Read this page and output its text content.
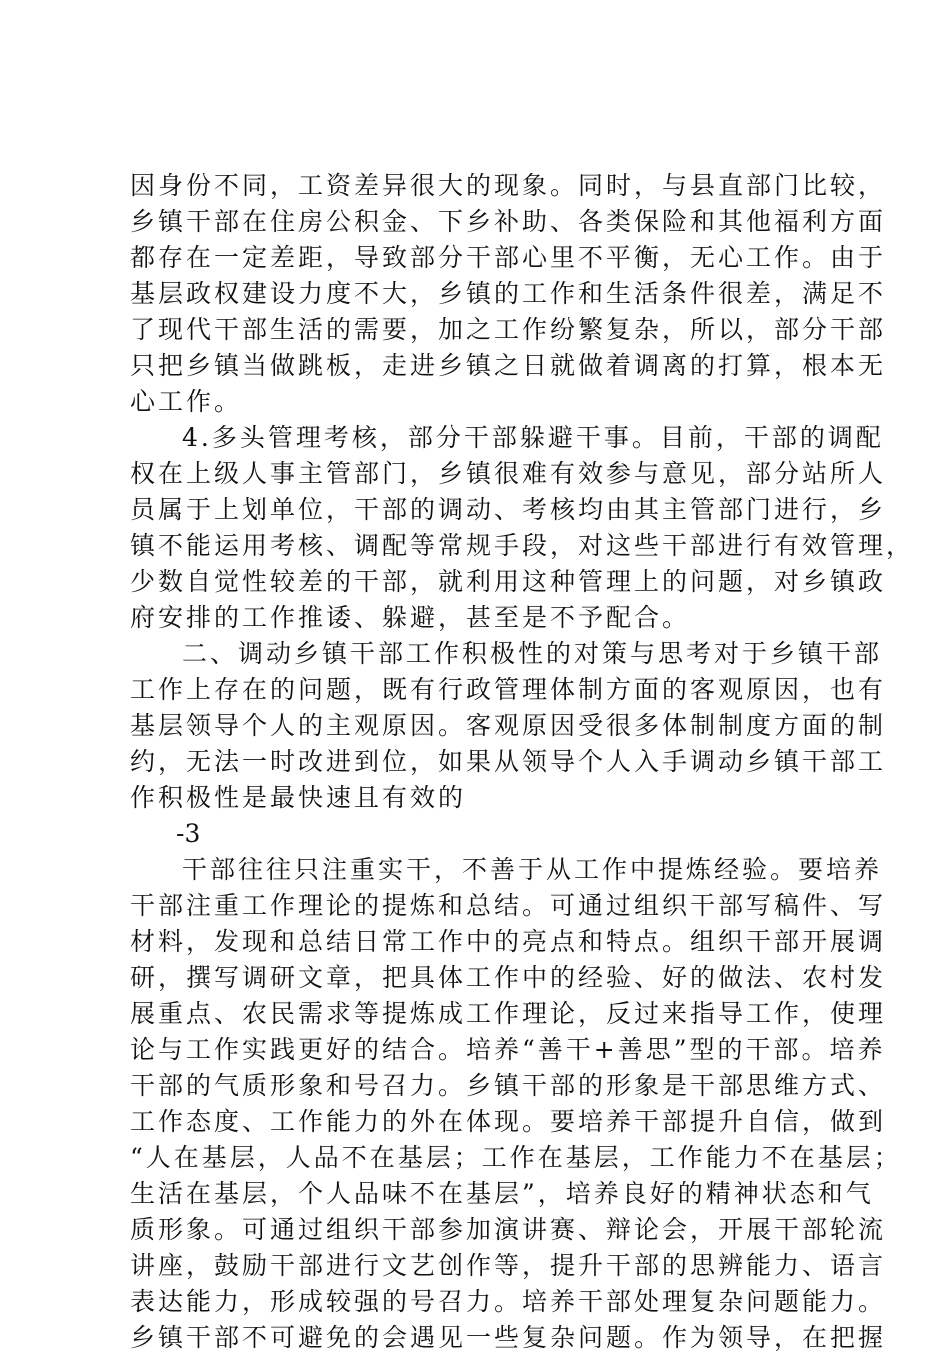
因身份不同，工资差异很大的现象。同时，与县直部门比较，
乡镇干部在住房公积金、下乡补助、各类保险和其他福利方面
都存在一定差距，导致部分干部心里不平衡，无心工作。由于
基层政权建设力度不大，乡镇的工作和生活条件很差，满足不
了现代干部生活的需要，加之工作纷繁复杂，所以，部分干部
只把乡镇当做跳板，走进乡镇之日就做着调离的打算，根本无
心工作。
4.多头管理考核，部分干部躲避干事。目前，干部的调配
权在上级人事主管部门，乡镇很难有效参与意见，部分站所人
员属于上划单位，干部的调动、考核均由其主管部门进行，乡
镇不能运用考核、调配等常规手段，对这些干部进行有效管理，
少数自觉性较差的干部，就利用这种管理上的问题，对乡镇政
府安排的工作推诿、躲避，甚至是不予配合。
二、调动乡镇干部工作积极性的对策与思考对于乡镇干部
工作上存在的问题，既有行政管理体制方面的客观原因，也有
基层领导个人的主观原因。客观原因受很多体制制度方面的制
约，无法一时改进到位，如果从领导个人入手调动乡镇干部工
作积极性是最快速且有效的
-3
干部往往只注重实干，不善于从工作中提炼经验。要培养
干部注重工作理论的提炼和总结。可通过组织干部写稿件、写
材料，发现和总结日常工作中的亮点和特点。组织干部开展调
研，撰写调研文章，把具体工作中的经验、好的做法、农村发
展重点、农民需求等提炼成工作理论，反过来指导工作，使理
论与工作实践更好的结合。培养“善干+善思”型的干部。培养
干部的气质形象和号召力。乡镇干部的形象是干部思维方式、
工作态度、工作能力的外在体现。要培养干部提升自信，做到
“人在基层，人品不在基层；工作在基层，工作能力不在基层；
生活在基层，个人品味不在基层”，培养良好的精神状态和气
质形象。可通过组织干部参加演讲赛、辩论会，开展干部轮流
讲座，鼓励干部进行文艺创作等，提升干部的思辨能力、语言
表达能力，形成较强的号召力。培养干部处理复杂问题能力。
乡镇干部不可避免的会遇见一些复杂问题。作为领导，在把握
